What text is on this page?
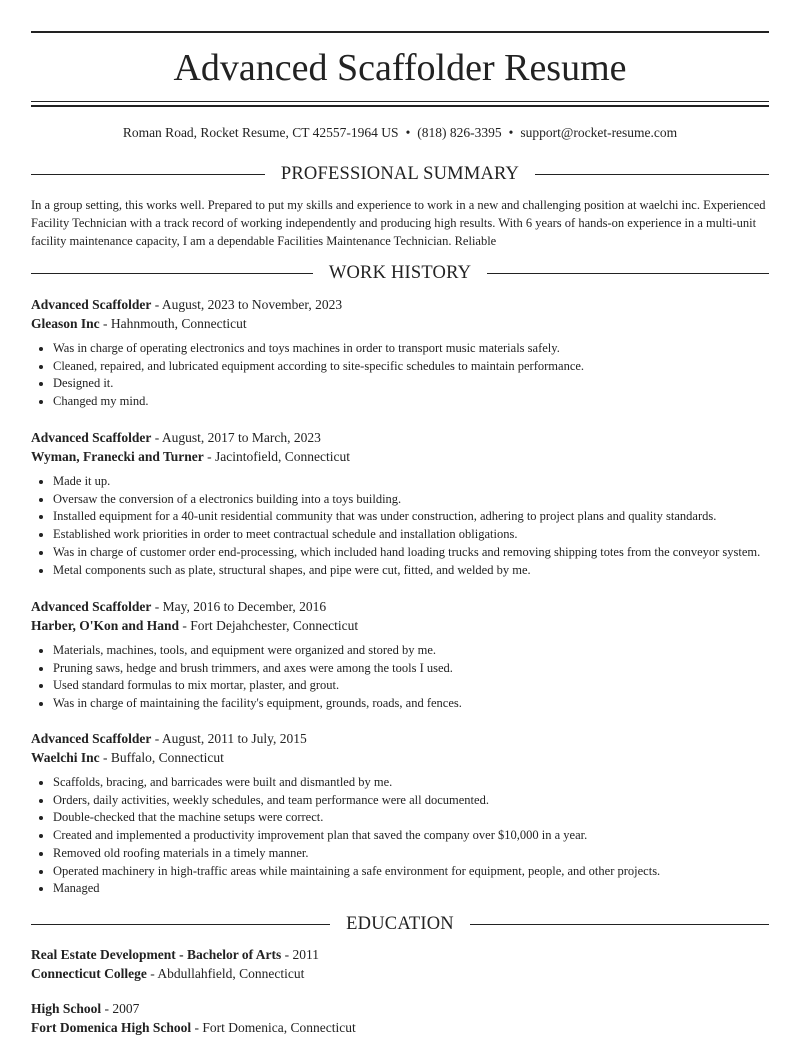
Advanced Scaffolder Resume
Roman Road, Rocket Resume, CT 42557-1964 US • (818) 826-3395 • support@rocket-resume.com
PROFESSIONAL SUMMARY

In a group setting, this works well. Prepared to put my skills and experience to work in a new and challenging position at waelchi inc. Experienced Facility Technician with a track record of working independently and producing high results. With 6 years of hands-on experience in a multi-unit facility maintenance capacity, I am a dependable Facilities Maintenance Technician. Reliable

WORK HISTORY
Advanced Scaffolder - August, 2023 to November, 2023
Gleason Inc - Hahnmouth, Connecticut
• Was in charge of operating electronics and toys machines in order to transport music materials safely.
• Cleaned, repaired, and lubricated equipment according to site-specific schedules to maintain performance.
• Designed it.
• Changed my mind.
Advanced Scaffolder - August, 2017 to March, 2023
Wyman, Franecki and Turner - Jacintofield, Connecticut
• Made it up.
• Oversaw the conversion of a electronics building into a toys building.
• Installed equipment for a 40-unit residential community that was under construction, adhering to project plans and quality standards.
• Established work priorities in order to meet contractual schedule and installation obligations.
• Was in charge of customer order end-processing, which included hand loading trucks and removing shipping totes from the conveyor system.
• Metal components such as plate, structural shapes, and pipe were cut, fitted, and welded by me.
Advanced Scaffolder - May, 2016 to December, 2016
Harber, O'Kon and Hand - Fort Dejahchester, Connecticut
• Materials, machines, tools, and equipment were organized and stored by me.
• Pruning saws, hedge and brush trimmers, and axes were among the tools I used.
• Used standard formulas to mix mortar, plaster, and grout.
• Was in charge of maintaining the facility's equipment, grounds, roads, and fences.
Advanced Scaffolder - August, 2011 to July, 2015
Waelchi Inc - Buffalo, Connecticut
• Scaffolds, bracing, and barricades were built and dismantled by me.
• Orders, daily activities, weekly schedules, and team performance were all documented.
• Double-checked that the machine setups were correct.
• Created and implemented a productivity improvement plan that saved the company over $10,000 in a year.
• Removed old roofing materials in a timely manner.
• Operated machinery in high-traffic areas while maintaining a safe environment for equipment, people, and other projects.
• Managed
EDUCATION
Real Estate Development - Bachelor of Arts - 2011
Connecticut College - Abdullahfield, Connecticut
High School - 2007
Fort Domenica High School - Fort Domenica, Connecticut
